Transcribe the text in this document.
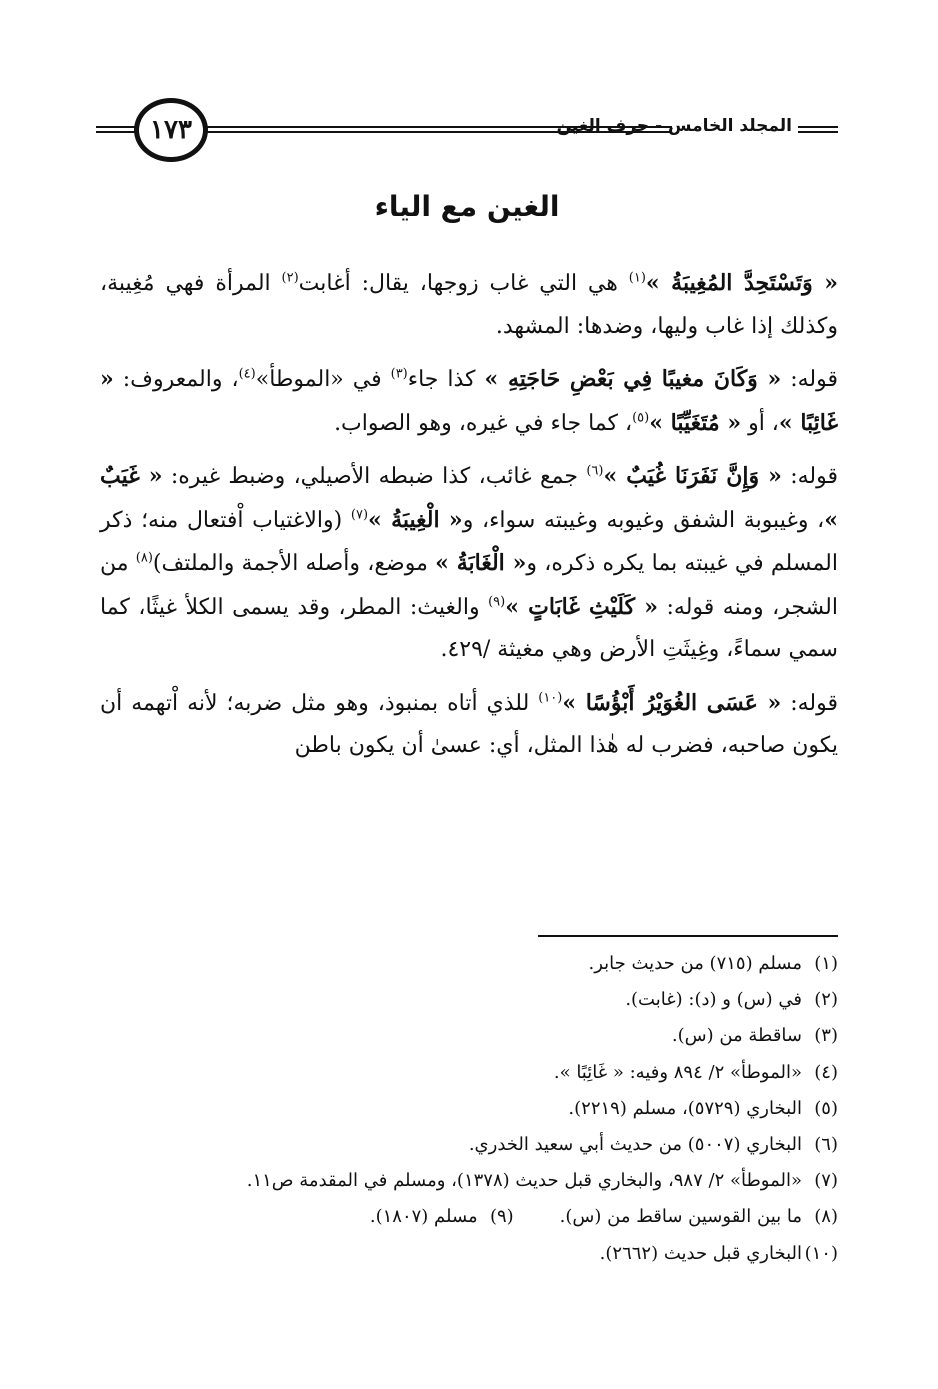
١٧٣	المجلد الخامس - حرف الغين
الغين مع الياء

« وَتَسْتَحِدَّ المُغِيبَةُ »$^{(١)}$ هي التي غاب زوجها، يقال: أغابت$^{(٢)}$ المرأة فهي مُغِيبة، وكذلك إذا غاب وليها، وضدها: المشهد.

قوله: « وَكَانَ مغيبًا فِي بَعْضِ حَاجَتِهِ » كذا جاء$^{(٣)}$ في «الموطأ»$^{(٤)}$، والمعروف: « غَائِبًا »، أو « مُتَغَيِّبًا »$^{(٥)}$، كما جاء في غيره، وهو الصواب.

قوله: « وَإِنَّ نَفَرَنَا غُيَبٌ »$^{(٦)}$ جمع غائب، كذا ضبطه الأصيلي، وضبط غيره: « غَيَبٌ »، وغيبوبة الشفق وغيوبه وغيبته سواء، و« الْغِيبَةُ »$^{(٧)}$ (والاغتياب اْفتعال منه؛ ذكر المسلم في غيبته بما يكره ذكره، و« الْغَابَةُ » موضع، وأصله الأجمة والملتف)$^{(٨)}$ من الشجر، ومنه قوله: « كَلَيْثِ غَابَاتٍ »$^{(٩)}$ والغيث: المطر، وقد يسمى الكلأ غيثًا، كما سمي سماءً، وغِيثَتِ الأرض وهي مغيثة /٤٢٩.

قوله: « عَسَى الغُوَيْرُ أَبْؤُسًا »$^{(١٠)}$ للذي أتاه بمنبوذ، وهو مثل ضربه؛ لأنه اْتهمه أن يكون صاحبه، فضرب له هٰذا المثل، أي: عسىٰ أن يكون باطن

(١)مسلم (٧١٥) من حديث جابر.
(٢)في (س) و (د): (غابت).
(٣)ساقطة من (س).
(٤)«الموطأ» ٢/ ٨٩٤ وفيه: « غَائِبًا ».
(٥)البخاري (٥٧٢٩)، مسلم (٢٢١٩).
(٦)البخاري (٥٠٠٧) من حديث أبي سعيد الخدري.
(٧)«الموطأ» ٢/ ٩٨٧، والبخاري قبل حديث (١٣٧٨)، ومسلم في المقدمة ص١١.
(٨)ما بين القوسين ساقط من (س).(٩)مسلم (١٨٠٧).
(١٠)البخاري قبل حديث (٢٦٦٢).
